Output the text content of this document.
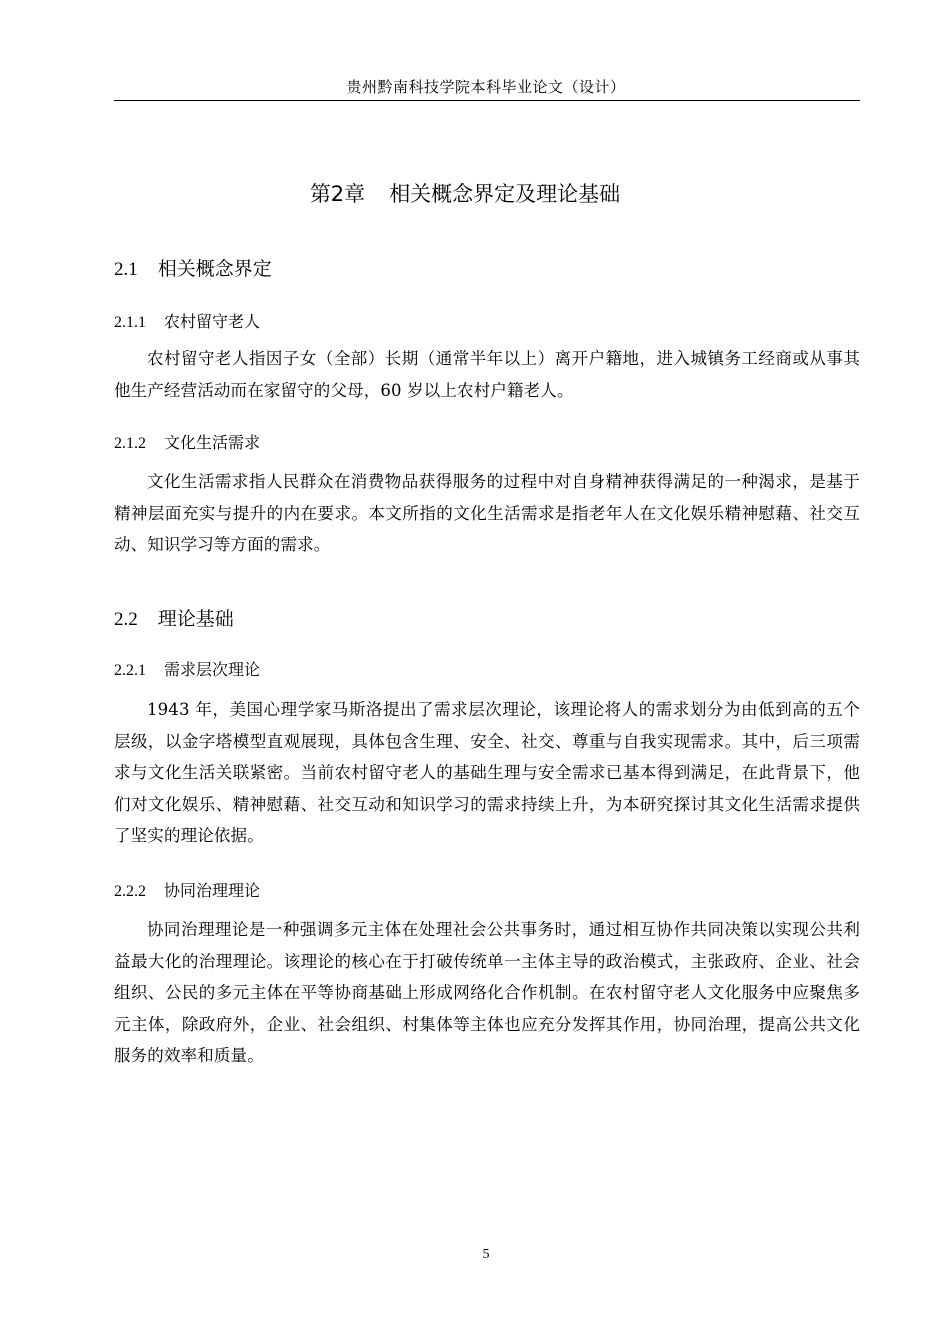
贵州黔南科技学院本科毕业论文（设计）
第2章 相关概念界定及理论基础
2.1 相关概念界定
2.1.1 农村留守老人

农村留守老人指因子女（全部）长期（通常半年以上）离开户籍地，进入城镇务工经商或从事其他生产经营活动而在家留守的父母，60 岁以上农村户籍老人。

2.1.2 文化生活需求

文化生活需求指人民群众在消费物品获得服务的过程中对自身精神获得满足的一种渴求，是基于精神层面充实与提升的内在要求。本文所指的文化生活需求是指老年人在文化娱乐精神慰藉、社交互动、知识学习等方面的需求。

2.2 理论基础
2.2.1 需求层次理论

1943 年，美国心理学家马斯洛提出了需求层次理论，该理论将人的需求划分为由低到高的五个层级，以金字塔模型直观展现，具体包含生理、安全、社交、尊重与自我实现需求。其中，后三项需求与文化生活关联紧密。当前农村留守老人的基础生理与安全需求已基本得到满足，在此背景下，他们对文化娱乐、精神慰藉、社交互动和知识学习的需求持续上升，为本研究探讨其文化生活需求提供了坚实的理论依据。

2.2.2 协同治理理论

协同治理理论是一种强调多元主体在处理社会公共事务时，通过相互协作共同决策以实现公共利益最大化的治理理论。该理论的核心在于打破传统单一主体主导的政治模式，主张政府、企业、社会组织、公民的多元主体在平等协商基础上形成网络化合作机制。在农村留守老人文化服务中应聚焦多元主体，除政府外，企业、社会组织、村集体等主体也应充分发挥其作用，协同治理，提高公共文化服务的效率和质量。

5
